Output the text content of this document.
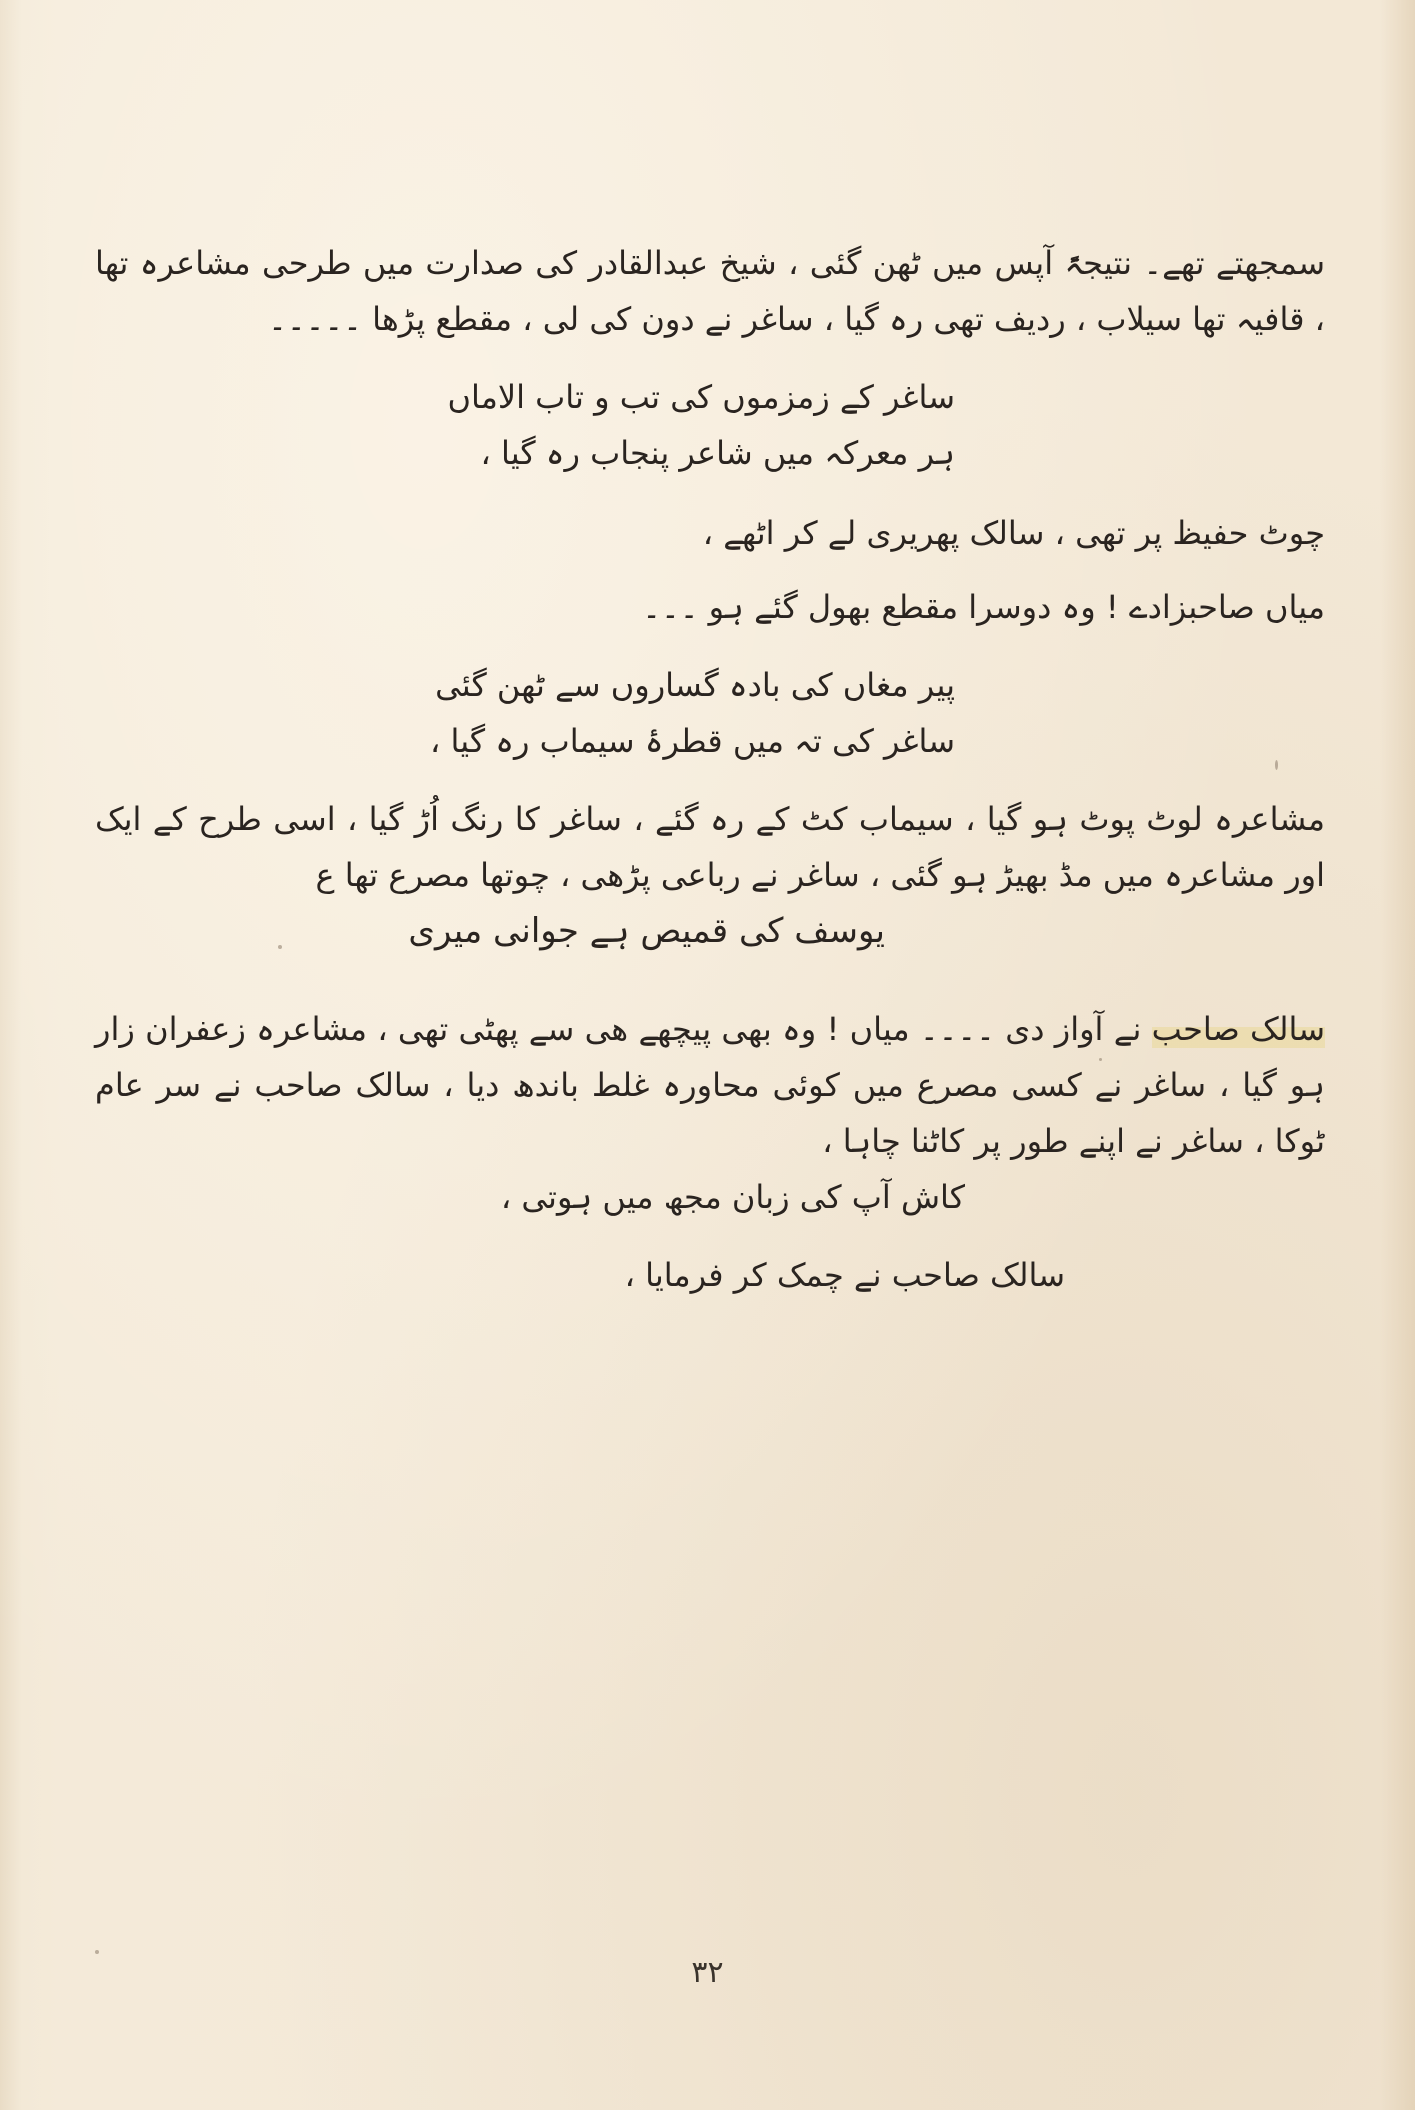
سمجھتے تھے۔ نتیجۃً آپس میں ٹھن گئی ، شیخ عبدالقادر کی صدارت میں طرحی مشاعرہ تھا ، قافیہ تھا سیلاب ، ردیف تھی رہ گیا ، ساغر نے دون کی لی ، مقطع پڑھا ۔۔۔۔۔

ساغر کے زمزموں کی تب و تاب الاماں

ہر معرکہ میں شاعر پنجاب رہ گیا ،

چوٹ حفیظ پر تھی ، سالک پھریری لے کر اٹھے ،

میاں صاحبزادے ! وہ دوسرا مقطع بھول گئے ہو ۔۔۔

پیر مغاں کی بادہ گساروں سے ٹھن گئی

ساغر کی تہ میں قطرۂ سیماب رہ گیا ،

مشاعرہ لوٹ پوٹ ہو گیا ، سیماب کٹ کے رہ گئے ، ساغر کا رنگ اُڑ گیا ، اسی طرح کے ایک اور مشاعرہ میں مڈ بھیڑ ہو گئی ، ساغر نے رباعی پڑھی ، چوتھا مصرع تھا ع

یوسف کی قمیص ہے جوانی میری

سالک صاحب نے آواز دی ۔۔۔۔ میاں ! وہ بھی پیچھے ھی سے پھٹی تھی ، مشاعرہ زعفران زار ہو گیا ، ساغر نے کسی مصرع میں کوئی محاورہ غلط باندھ دیا ، سالک صاحب نے سر عام ٹوکا ، ساغر نے اپنے طور پر کاٹنا چاہا ،

کاش آپ کی زبان مجھ میں ہوتی ،

سالک صاحب نے چمک کر فرمایا ،

۳۲
